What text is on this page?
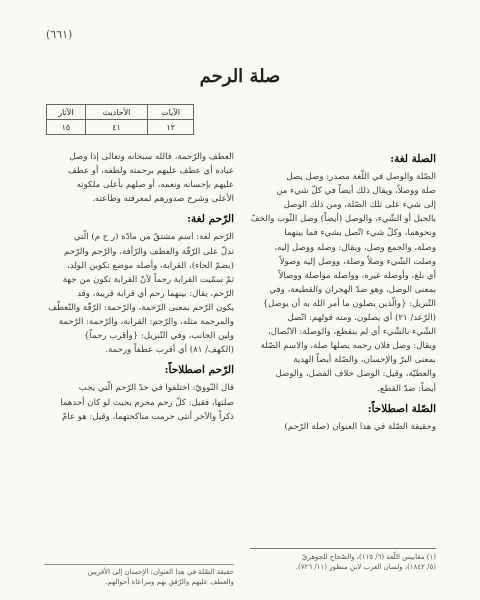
(٦٦١)
صلة الرحم
الآيات	الأحاديث	الآثار
١٢	٤١	١٥

الصلة لغة:

الصّلة والوصل في اللّغة مصدر: وصل يصل

صلة ووصلاً، ويقال ذلك أيضاً في كلّ شيء من

إلى شيء على تلك الصّلة، ومن ذلك الوصل

بالحبل أو الشّيء، والوصل (أيضاً) وصل الثّوب والخفّ

ونحوهما، وكلّ شيء اتّصل بشيء فما بينهما

وصلة، والجمع وصل، ويقال: وصله ووصل إليه،

وصلت الشّيء وصلاً وصلة، ووصل إليه وصولاً

أي بلغ، وأوصله غيره، وواصله مواصلة ووصالاً

بمعنى الوصل، وهو ضدّ الهجران والقطيعة، وفي

التّنزيل: {والّذين يصلون ما أمر الله به أن يوصل}

(الرّعد/ ٢١) أي يصلون، ومنه قولهم: اتّصل

الشّيء بالشّيء أي لم ينقطع، والوصلة: الاتّصال،

ويقال: وصل فلان رحمه يصلها صلة، والاسم الصّلة

بمعنى البرّ والإحسان، والصّلة أيضاً الهدية

والعطيّة، وقيل: الوصل خلاف الفصل، والوصل

أيضاً: ضدّ القطع.

الصّلة اصطلاحاً:

وحقيقة الصّلة في هذا العنوان (صلة الرّحم)

العطف والرّحمة، فالله سبحانه وتعالى إذا وصل

عباده أي عطف عليهم برحمته ولطفه، أو عطف

عليهم بإحسانه ونعمه، أو صلهم بأعلى ملكوته

الأعلى وشرح صدورهم لمعرفته وطاعته.

الرّحم لغة:

الرّحم لغة: اسم مشتقّ من مادّة (ر ح م) الّتي

تدلّ على الرّقّة والعطف والرّأفة، والرّحم والرّحم

(بضمّ الحاء)، القرابة، وأصله موضع تكوين الولد،

ثمّ سمّيت القرابة رحماً لأنّ القرابة تكون من جهة

الرّحم، يقال: بينهما رحم أي قرابة قريبة، وقد

يكون الرّحم بمعنى الرّحمة، والرّحمة: الرّقّة والتّعطّف

والمرحمة مثله، والرّحم: القرابة، والرّحمة: الرّحمة

ولين الجانب، وفي التّنزيل: {وأقرب رحماً}

(الكهف/ ٨١) أي أقرب عطفاً ورحمة.

الرّحم اصطلاحاً:

قال النّوويّ: اختلفوا في حدّ الرّحم الّتي يجب

صلتها، فقيل: كلّ رحم محرم بحيث لو كان أحدهما

ذكراً والآخر أنثى حرمت مناكحتهما، وقيل: هو عامّ

(١) مقاييس اللّغة (٦/ ١١٥)، والصّحاح للجوهريّ

(٥/ ١٨٤٢)، ولسان العرب لابن منظور (١١/ ٧٢٦).

حقيقة الصّلة في هذا العنوان: الإحسان إلى الأقربين

والعطف عليهم والرّفق بهم ومراعاة أحوالهم.
